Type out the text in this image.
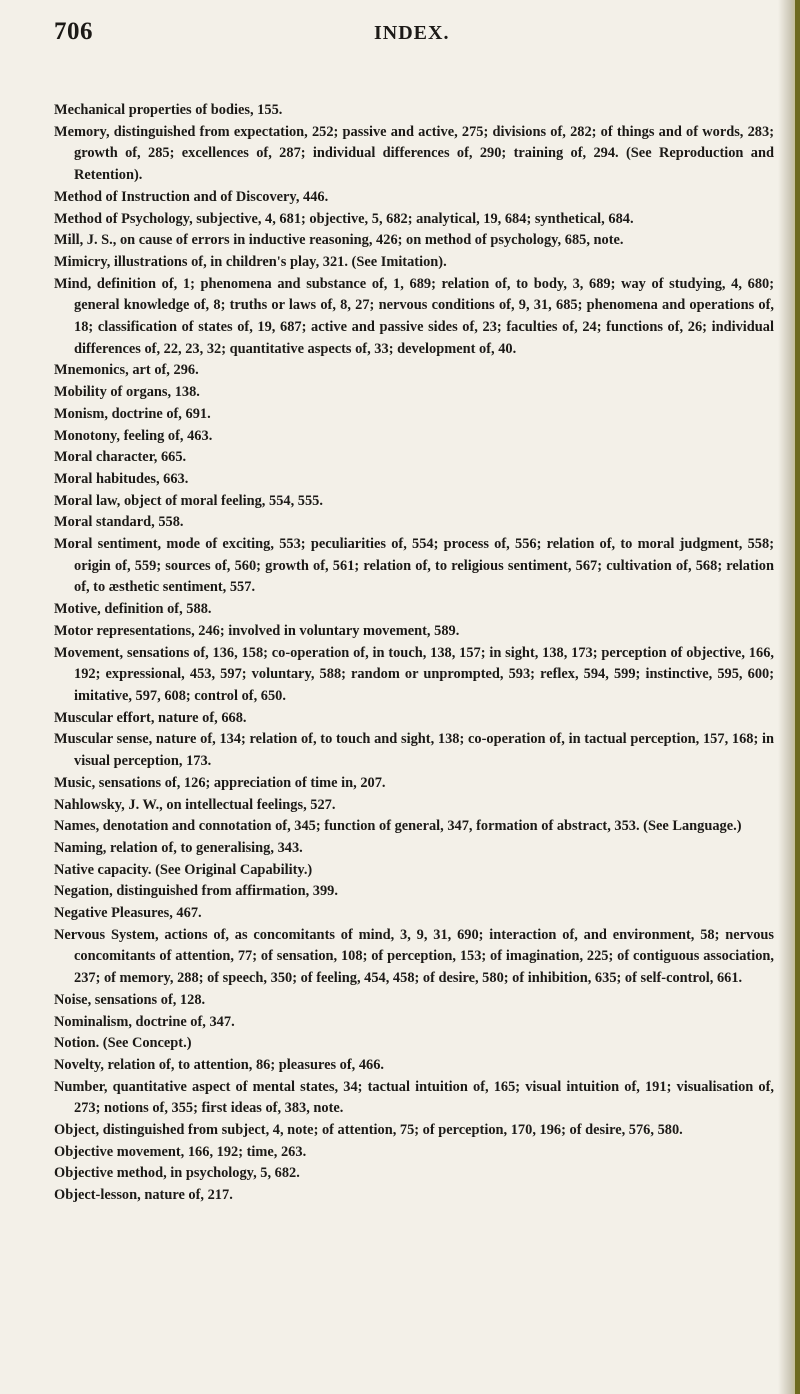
706	INDEX.

Mechanical properties of bodies, 155.

Memory, distinguished from expectation, 252; passive and active, 275; divisions of, 282; of things and of words, 283; growth of, 285; excellences of, 287; individual differences of, 290; training of, 294. (See Reproduction and Retention).

Method of Instruction and of Discovery, 446.

Method of Psychology, subjective, 4, 681; objective, 5, 682; analytical, 19, 684; synthetical, 684.

Mill, J. S., on cause of errors in inductive reasoning, 426; on method of psychology, 685, note.

Mimicry, illustrations of, in children's play, 321. (See Imitation).

Mind, definition of, 1; phenomena and substance of, 1, 689; relation of, to body, 3, 689; way of studying, 4, 680; general knowledge of, 8; truths or laws of, 8, 27; nervous conditions of, 9, 31, 685; phenomena and operations of, 18; classification of states of, 19, 687; active and passive sides of, 23; faculties of, 24; functions of, 26; individual differences of, 22, 23, 32; quantitative aspects of, 33; development of, 40.

Mnemonics, art of, 296.

Mobility of organs, 138.

Monism, doctrine of, 691.

Monotony, feeling of, 463.

Moral character, 665.

Moral habitudes, 663.

Moral law, object of moral feeling, 554, 555.

Moral standard, 558.

Moral sentiment, mode of exciting, 553; peculiarities of, 554; process of, 556; relation of, to moral judgment, 558; origin of, 559; sources of, 560; growth of, 561; relation of, to religious sentiment, 567; cultivation of, 568; relation of, to æsthetic sentiment, 557.

Motive, definition of, 588.

Motor representations, 246; involved in voluntary movement, 589.

Movement, sensations of, 136, 158; co-operation of, in touch, 138, 157; in sight, 138, 173; perception of objective, 166, 192; expressional, 453, 597; voluntary, 588; random or unprompted, 593; reflex, 594, 599; instinctive, 595, 600; imitative, 597, 608; control of, 650.

Muscular effort, nature of, 668.

Muscular sense, nature of, 134; relation of, to touch and sight, 138; co-operation of, in tactual perception, 157, 168; in visual perception, 173.

Music, sensations of, 126; appreciation of time in, 207.

Nahlowsky, J. W., on intellectual feelings, 527.

Names, denotation and connotation of, 345; function of general, 347, formation of abstract, 353. (See Language.)

Naming, relation of, to generalising, 343.

Native capacity. (See Original Capability.)

Negation, distinguished from affirmation, 399.

Negative Pleasures, 467.

Nervous System, actions of, as concomitants of mind, 3, 9, 31, 690; interaction of, and environment, 58; nervous concomitants of attention, 77; of sensation, 108; of perception, 153; of imagination, 225; of contiguous association, 237; of memory, 288; of speech, 350; of feeling, 454, 458; of desire, 580; of inhibition, 635; of self-control, 661.

Noise, sensations of, 128.

Nominalism, doctrine of, 347.

Notion. (See Concept.)

Novelty, relation of, to attention, 86; pleasures of, 466.

Number, quantitative aspect of mental states, 34; tactual intuition of, 165; visual intuition of, 191; visualisation of, 273; notions of, 355; first ideas of, 383, note.

Object, distinguished from subject, 4, note; of attention, 75; of perception, 170, 196; of desire, 576, 580.

Objective movement, 166, 192; time, 263.

Objective method, in psychology, 5, 682.

Object-lesson, nature of, 217.
